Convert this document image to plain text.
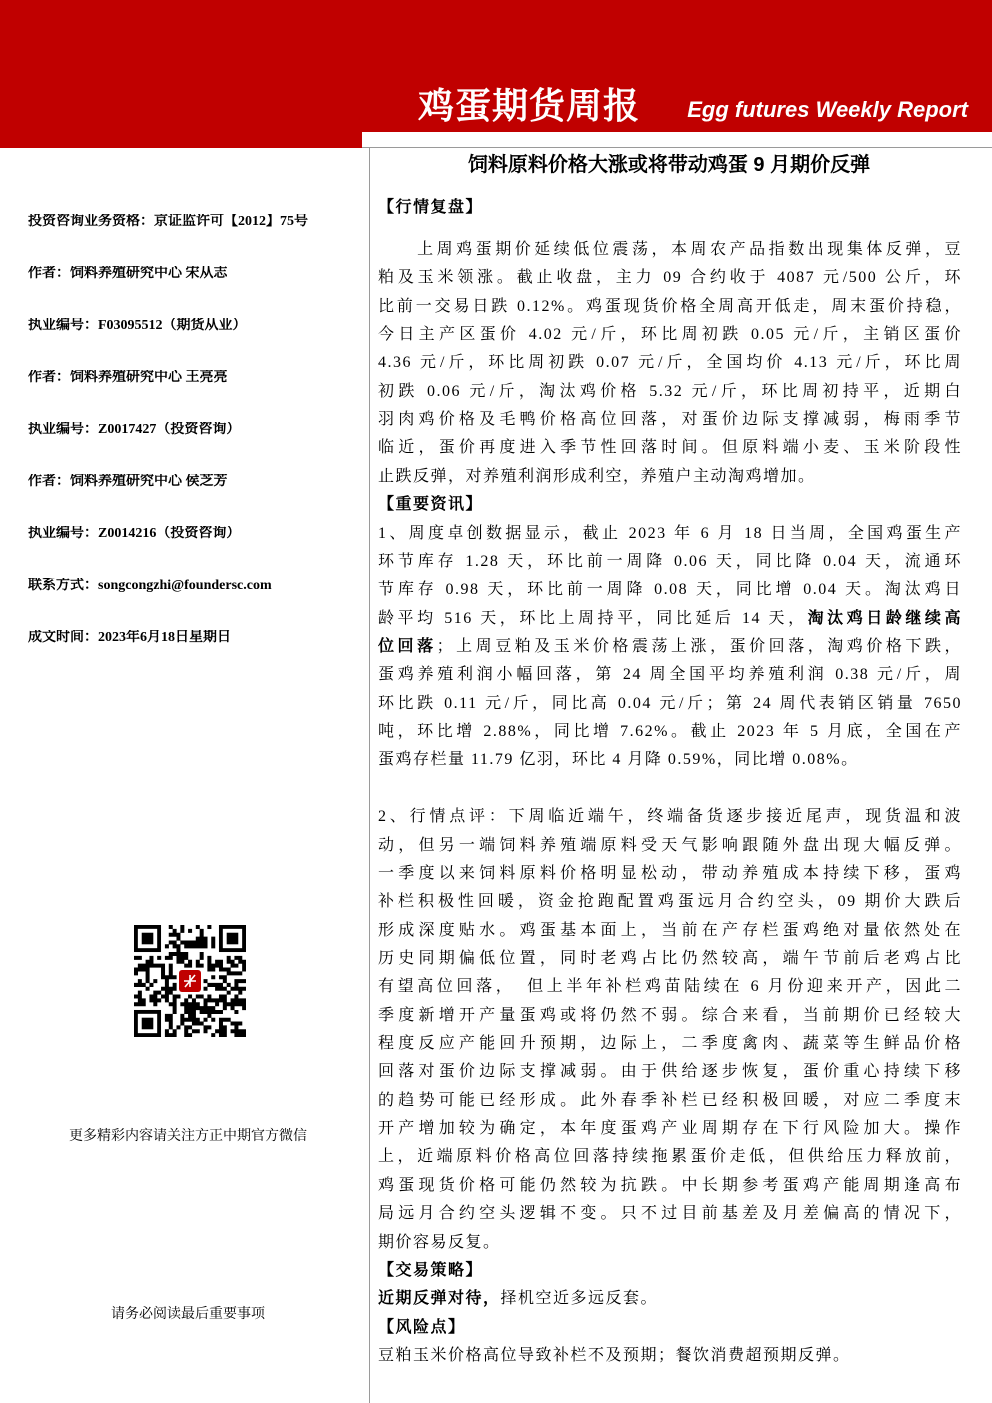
鸡蛋期货周报 Egg futures Weekly Report
饲料原料价格大涨或将带动鸡蛋 9 月期价反弹
投资咨询业务资格：京证监许可【2012】75号
作者：饲料养殖研究中心 宋从志
执业编号：F03095512（期货从业）
作者：饲料养殖研究中心 王亮亮
执业编号：Z0017427（投资咨询）
作者：饲料养殖研究中心 侯芝芳
执业编号：Z0014216（投资咨询）
联系方式：songcongzhi@foundersc.com
成文时间：2023年6月18日星期日
更多精彩内容请关注方正中期官方微信
请务必阅读最后重要事项
【行情复盘】
　　上周鸡蛋期价延续低位震荡，本周农产品指数出现集体反弹，豆
粕及玉米领涨。截止收盘，主力 09 合约收于 4087 元/500 公斤，环
比前一交易日跌 0.12%。鸡蛋现货价格全周高开低走，周末蛋价持稳，
今日主产区蛋价 4.02 元/斤，环比周初跌 0.05 元/斤，主销区蛋价
4.36 元/斤，环比周初跌 0.07 元/斤，全国均价 4.13 元/斤，环比周
初跌 0.06 元/斤，淘汰鸡价格 5.32 元/斤，环比周初持平，近期白
羽肉鸡价格及毛鸭价格高位回落，对蛋价边际支撑减弱，梅雨季节
临近，蛋价再度进入季节性回落时间。但原料端小麦、玉米阶段性
止跌反弹，对养殖利润形成利空，养殖户主动淘鸡增加。
【重要资讯】
1、周度卓创数据显示，截止 2023 年 6 月 18 日当周，全国鸡蛋生产
环节库存 1.28 天，环比前一周降 0.06 天，同比降 0.04 天，流通环
节库存 0.98 天，环比前一周降 0.08 天，同比增 0.04 天。淘汰鸡日
龄平均 516 天，环比上周持平，同比延后 14 天，淘汰鸡日龄继续高
位回落；上周豆粕及玉米价格震荡上涨，蛋价回落，淘鸡价格下跌，
蛋鸡养殖利润小幅回落，第 24 周全国平均养殖利润 0.38 元/斤，周
环比跌 0.11 元/斤，同比高 0.04 元/斤；第 24 周代表销区销量 7650
吨，环比增 2.88%，同比增 7.62%。截止 2023 年 5 月底，全国在产
蛋鸡存栏量 11.79 亿羽，环比 4 月降 0.59%，同比增 0.08%。
2、行情点评：下周临近端午，终端备货逐步接近尾声，现货温和波
动，但另一端饲料养殖端原料受天气影响跟随外盘出现大幅反弹。
一季度以来饲料原料价格明显松动，带动养殖成本持续下移，蛋鸡
补栏积极性回暖，资金抢跑配置鸡蛋远月合约空头，09 期价大跌后
形成深度贴水。鸡蛋基本面上，当前在产存栏蛋鸡绝对量依然处在
历史同期偏低位置，同时老鸡占比仍然较高，端午节前后老鸡占比
有望高位回落，　但上半年补栏鸡苗陆续在 6 月份迎来开产，因此二
季度新增开产量蛋鸡或将仍然不弱。综合来看，当前期价已经较大
程度反应产能回升预期，边际上，二季度禽肉、蔬菜等生鲜品价格
回落对蛋价边际支撑减弱。由于供给逐步恢复，蛋价重心持续下移
的趋势可能已经形成。此外春季补栏已经积极回暖，对应二季度末
开产增加较为确定，本年度蛋鸡产业周期存在下行风险加大。操作
上，近端原料价格高位回落持续拖累蛋价走低，但供给压力释放前，
鸡蛋现货价格可能仍然较为抗跌。中长期参考蛋鸡产能周期逢高布
局远月合约空头逻辑不变。只不过目前基差及月差偏高的情况下，
期价容易反复。
【交易策略】
近期反弹对待，择机空近多远反套。
【风险点】
豆粕玉米价格高位导致补栏不及预期；餐饮消费超预期反弹。
